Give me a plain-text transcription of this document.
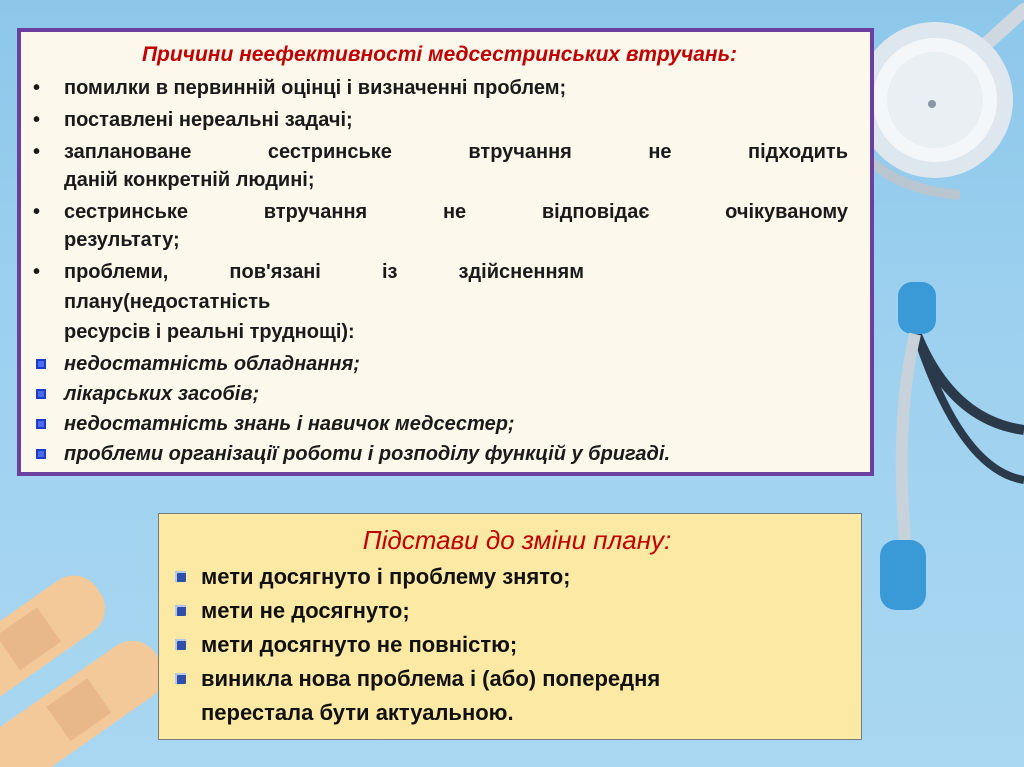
Причини неефективності медсестринських втручань:
• помилки в первинній оцінці і визначенні проблем;
• поставлені нереальні задачі;
• заплановане сестринське втручання не підходить
даній конкретній людині;
• сестринське втручання не відповідає очікуваному
результату;
• проблеми, пов'язані із здійсненням
плану(недостатність
ресурсів і реальні труднощі):
недостатність обладнання;
лікарських засобів;
недостатність знань і навичок медсестер;
проблеми організації роботи і розподілу функцій у бригаді.
Підстави до зміни плану:
мети досягнуто і проблему знято;
мети не досягнуто;
мети досягнуто не повністю;
виникла нова проблема і (або) попередня
перестала бути актуальною.
